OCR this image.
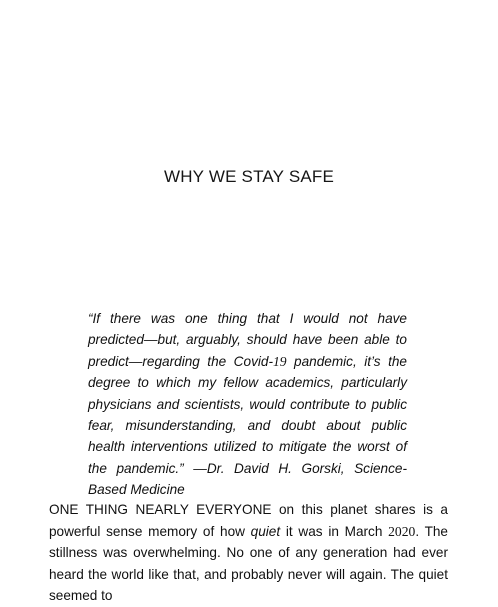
WHY WE STAY SAFE
“If there was one thing that I would not have predicted—but, arguably, should have been able to predict—regarding the Covid-19 pandemic, it’s the degree to which my fellow academics, particularly physicians and scientists, would contribute to public fear, misunderstanding, and doubt about public health interventions utilized to mitigate the worst of the pandemic.” —Dr. David H. Gorski, Science-Based Medicine
ONE THING NEARLY EVERYONE on this planet shares is a powerful sense memory of how quiet it was in March 2020. The stillness was overwhelming. No one of any generation had ever heard the world like that, and probably never will again. The quiet seemed to
